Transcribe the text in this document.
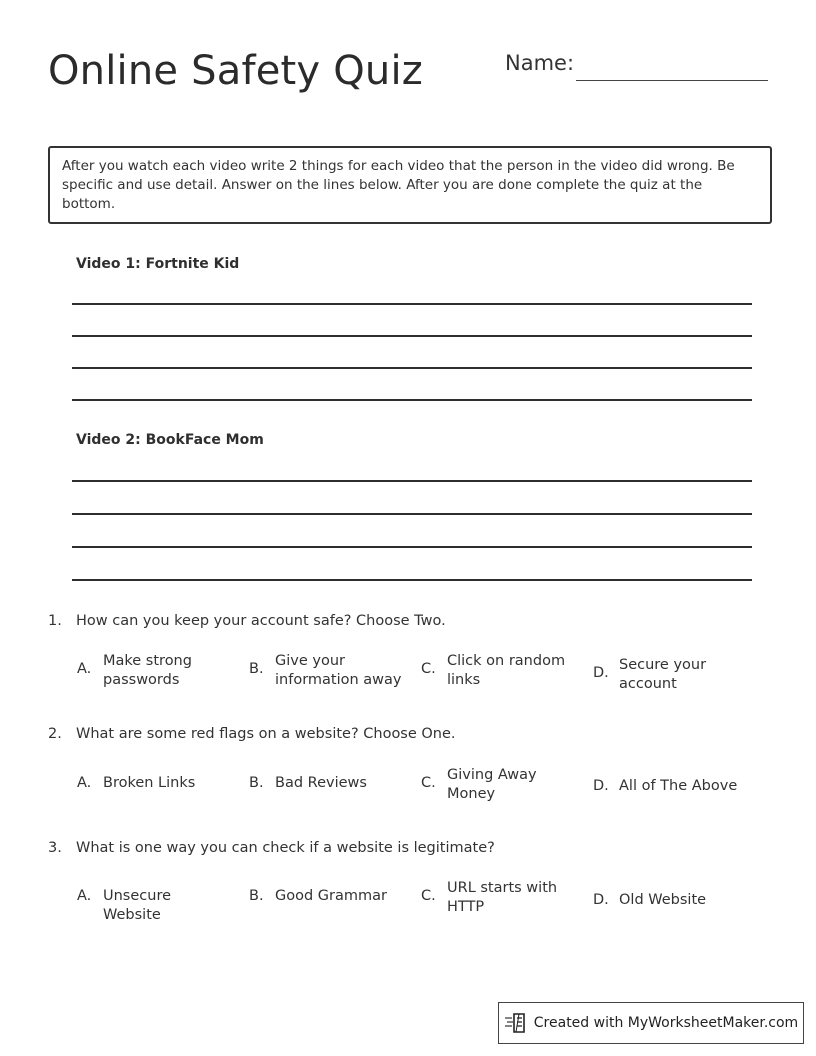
Online Safety Quiz	Name:
After you watch each video write 2 things for each video that the person in the video did wrong. Be specific and use detail. Answer on the lines below. After you are done complete the quiz at the bottom.
Video 1: Fortnite Kid
Video 2: BookFace Mom
1. How can you keep your account safe? Choose Two.
A. Make strong passwords
B. Give your information away
C. Click on random links	D. Secure your account
2. What are some red flags on a website? Choose One.
A. Broken Links	B. Bad Reviews	C. Giving Away Money	D. All of The Above
3. What is one way you can check if a website is legitimate?
A. Unsecure Website
B. Good Grammar	C. URL starts with HTTP	D. Old Website
Created with MyWorksheetMaker.com
